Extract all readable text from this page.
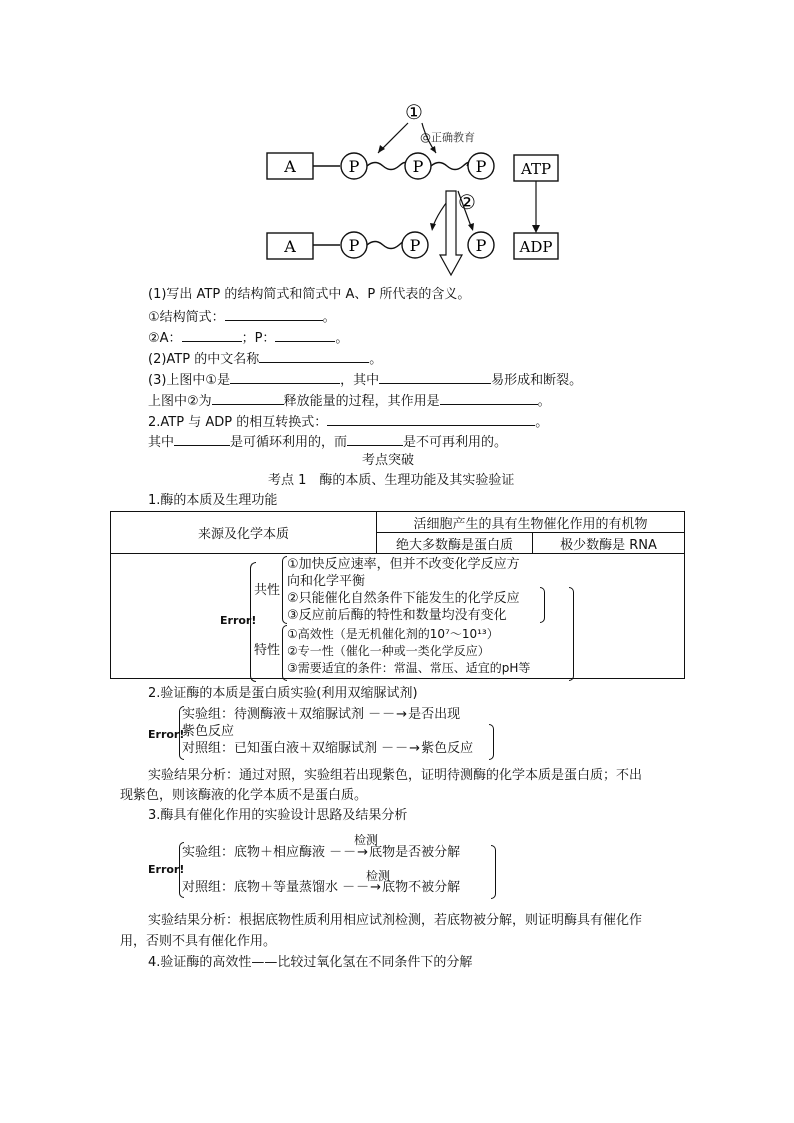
①
@正确教育
A	P	P	P ATP
ADP
②
A	P	P	P
(1)写出 ATP 的结构简式和简式中 A、P 所代表的含义。
①结构简式：	。
②A：	；P：	。
(2)ATP 的中文名称	。
(3)上图中①是	，其中	易形成和断裂。
上图中②为	释放能量的过程，其作用是	。
2.ATP 与 ADP 的相互转换式：	。
其中	是可循环利用的，而	是不可再利用的。
考点突破
考点 1　酶的本质、生理功能及其实验验证
1.酶的本质及生理功能
来源及化学本质	活细胞产生的具有生物催化作用的有机物	
	绝大多数酶是蛋白质	极少数酶是 RNA

Error!
共性
①加快反应速率，但并不改变化学反应方
向和化学平衡
②只能催化自然条件下能发生的化学反应
③反应前后酶的特性和数量均没有变化
特性
①高效性（是无机催化剂的10⁷～10¹³）
②专一性（催化一种或一类化学反应）
③需要适宜的条件：常温、常压、适宜的pH等
2.验证酶的本质是蛋白质实验(利用双缩脲试剂)
Error!
实验组：待测酶液＋双缩脲试剂 －－→是否出现
紫色反应
对照组：已知蛋白液＋双缩脲试剂 －－→紫色反应
实验结果分析：通过对照，实验组若出现紫色，证明待测酶的化学本质是蛋白质；不出
现紫色，则该酶液的化学本质不是蛋白质。
3.酶具有催化作用的实验设计思路及结果分析
Error!
检测
实验组：底物＋相应酶液 －－→底物是否被分解
检测
对照组：底物＋等量蒸馏水 －－→底物不被分解
实验结果分析：根据底物性质利用相应试剂检测，若底物被分解，则证明酶具有催化作
用，否则不具有催化作用。
4.验证酶的高效性——比较过氧化氢在不同条件下的分解
